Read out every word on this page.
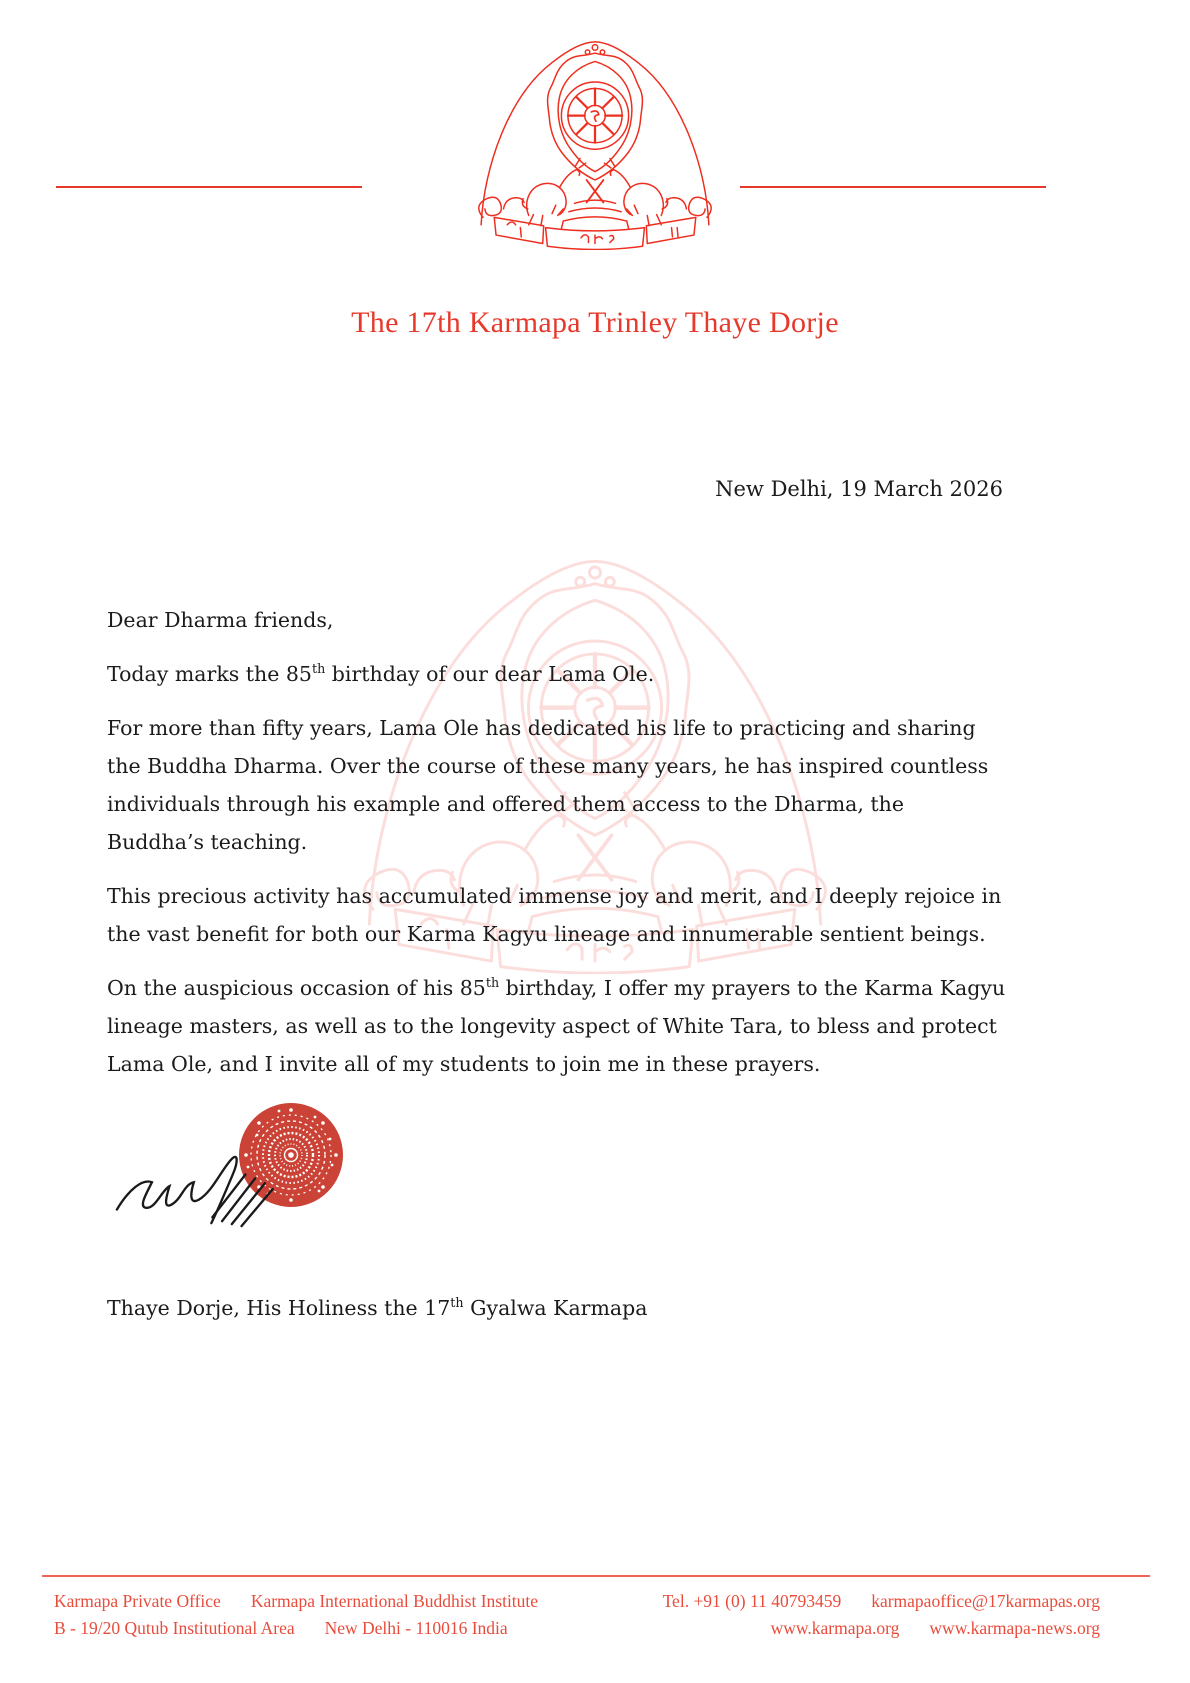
The 17th Karmapa Trinley Thaye Dorje
New Delhi, 19 March 2026

Dear Dharma friends,

Today marks the 85th birthday of our dear Lama Ole.

For more than fifty years, Lama Ole has dedicated his life to practicing and sharing the Buddha Dharma. Over the course of these many years, he has inspired countless individuals through his example and offered them access to the Dharma, the Buddha’s teaching.

This precious activity has accumulated immense joy and merit, and I deeply rejoice in the vast benefit for both our Karma Kagyu lineage and innumerable sentient beings.

On the auspicious occasion of his 85th birthday, I offer my prayers to the Karma Kagyu lineage masters, as well as to the longevity aspect of White Tara, to bless and protect Lama Ole, and I invite all of my students to join me in these prayers.

Thaye Dorje, His Holiness the 17th Gyalwa Karmapa
Karmapa Private Office Karmapa International Buddhist Institute
B - 19/20 Qutub Institutional Area New Delhi - 110016 India
Tel. +91 (0) 11 40793459 karmapaoffice@17karmapas.org
www.karmapa.org www.karmapa-news.org
